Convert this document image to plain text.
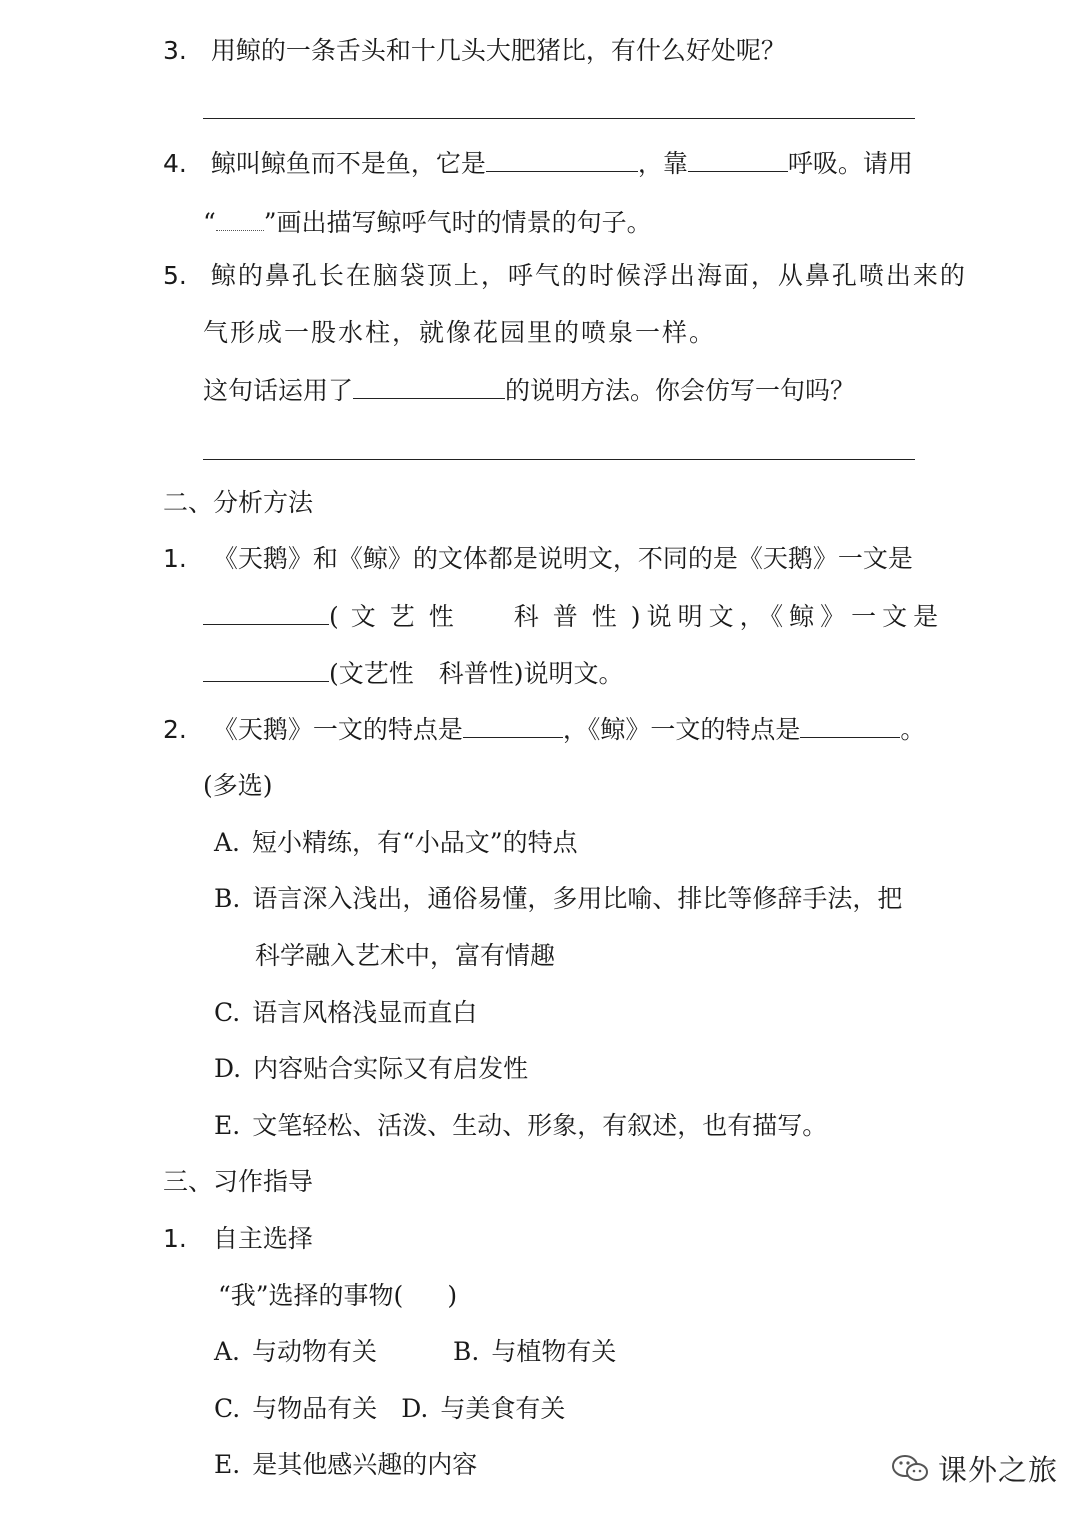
3. 用鲸的一条舌头和十几头大肥猪比，有什么好处呢？
4. 鲸叫鲸鱼而不是鱼，它是	，靠	呼吸。请用
“ ”画出描写鲸呼气时的情景的句子。
5. 鲸的鼻孔长在脑袋顶上，呼气的时候浮出海面，从鼻孔喷出来的
气形成一股水柱，就像花园里的喷泉一样。
这句话运用了	的说明方法。你会仿写一句吗？
二、分析方法
1. 《天鹅》和《鲸》的文体都是说明文，不同的是《天鹅》一文是
( 文艺性 科普性) 说明文，《鲸》一文是
(文艺性　科普性)说明文。
2. 《天鹅》一文的特点是	，《鲸》一文的特点是	。
(多选)
A. 短小精练，有“小品文”的特点
B. 语言深入浅出，通俗易懂，多用比喻、排比等修辞手法，把
科学融入艺术中，富有情趣
C. 语言风格浅显而直白
D. 内容贴合实际又有启发性
E. 文笔轻松、活泼、生动、形象，有叙述，也有描写。
三、习作指导
1. 自主选择
“我”选择的事物( )
A. 与动物有关	B. 与植物有关
C. 与物品有关 D. 与美食有关
E. 是其他感兴趣的内容	课外之旅
